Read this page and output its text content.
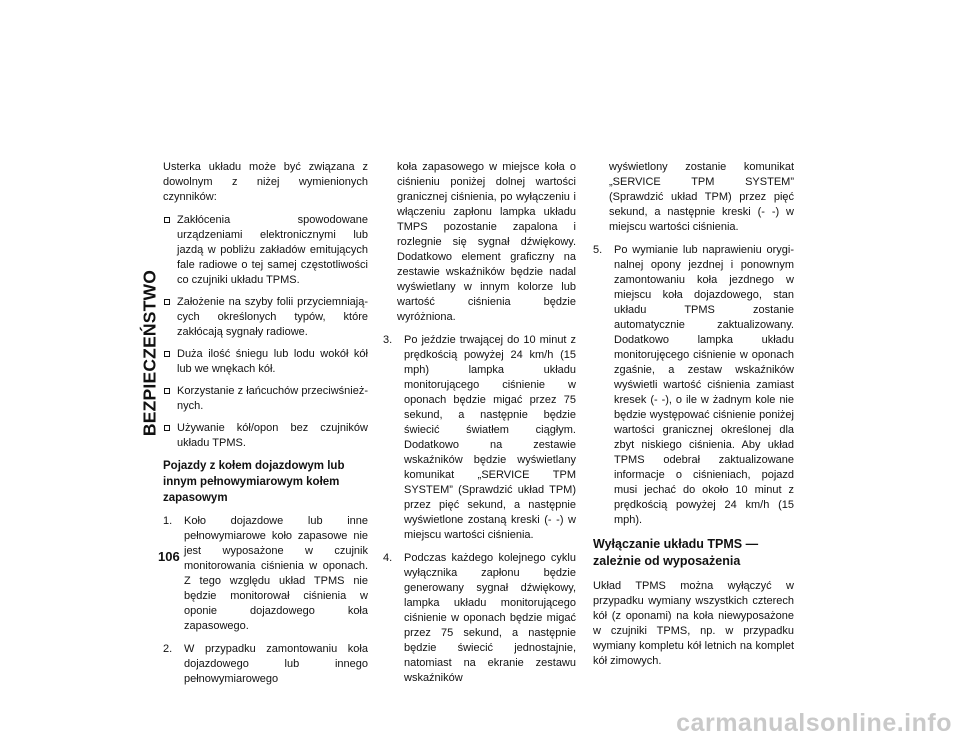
BEZPIECZEŃSTWO
106

Usterka układu może być związana z dowolnym z niżej wymienionych czynników:

Zakłócenia spowodowane urządzeniami elektronicznymi lub jazdą w pobliżu zakładów emitujących fale radiowe o tej samej częstotliwości co czujniki układu TPMS.
Założenie na szyby folii przyciemniających określonych typów, które zakłócają sygnały radiowe.
Duża ilość śniegu lub lodu wokół kół lub we wnękach kół.
Korzystanie z łańcuchów przeciwśnieżnych.
Używanie kół/opon bez czujników układu TPMS.
Pojazdy z kołem dojazdowym lub innym pełnowymiarowym kołem zapasowym
1. Koło dojazdowe lub inne pełnowymiarowe koło zapasowe nie jest wyposażone w czujnik monitorowania ciśnienia w oponach. Z tego względu układ TPMS nie będzie monitorował ciśnienia w oponie dojazdowego koła zapasowego.
2. W przypadku zamontowaniu koła dojazdowego lub innego pełnowymiarowego

koła zapasowego w miejsce koła o ciśnieniu poniżej dolnej wartości granicznej ciśnienia, po wyłączeniu i włączeniu zapłonu lampka układu TMPS pozostanie zapalona i rozlegnie się sygnał dźwiękowy. Dodatkowo element graficzny na zestawie wskaźników będzie nadal wyświetlany w innym kolorze lub wartość ciśnienia będzie wyróżniona.

3. Po jeździe trwającej do 10 minut z prędkością powyżej 24 km/h (15 mph) lampka układu monitorującego ciśnienie w oponach będzie migać przez 75 sekund, a następnie będzie świecić światłem ciągłym. Dodatkowo na zestawie wskaźników będzie wyświetlany komunikat „SERVICE TPM SYSTEM” (Sprawdzić układ TPM) przez pięć sekund, a następnie wyświetlone zostaną kreski (- -) w miejscu wartości ciśnienia.
4. Podczas każdego kolejnego cyklu wyłącznika zapłonu będzie generowany sygnał dźwiękowy, lampka układu monitorującego ciśnienie w oponach będzie migać przez 75 sekund, a następnie będzie świecić jednostajnie, natomiast na ekranie zestawu wskaźników

wyświetlony zostanie komunikat „SERVICE TPM SYSTEM” (Sprawdzić układ TPM) przez pięć sekund, a następnie kreski (- -) w miejscu wartości ciśnienia.

5. Po wymianie lub naprawieniu oryginalnej opony jezdnej i ponownym zamontowaniu koła jezdnego w miejscu koła dojazdowego, stan układu TPMS zostanie automatycznie zaktualizowany. Dodatkowo lampka układu monitorujęcego ciśnienie w oponach zgaśnie, a zestaw wskaźników wyświetli wartość ciśnienia zamiast kresek (- -), o ile w żadnym kole nie będzie występować ciśnienie poniżej wartości granicznej określonej dla zbyt niskiego ciśnienia. Aby układ TPMS odebrał zaktualizowane informacje o ciśnieniach, pojazd musi jechać do około 10 minut z prędkością powyżej 24 km/h (15 mph).
Wyłączanie układu TPMS — zależnie od wyposażenia

Układ TPMS można wyłączyć w przypadku wymiany wszystkich czterech kół (z oponami) na koła niewyposażone w czujniki TPMS, np. w przypadku wymiany kompletu kół letnich na komplet kół zimowych.

carmanualsonline.info
